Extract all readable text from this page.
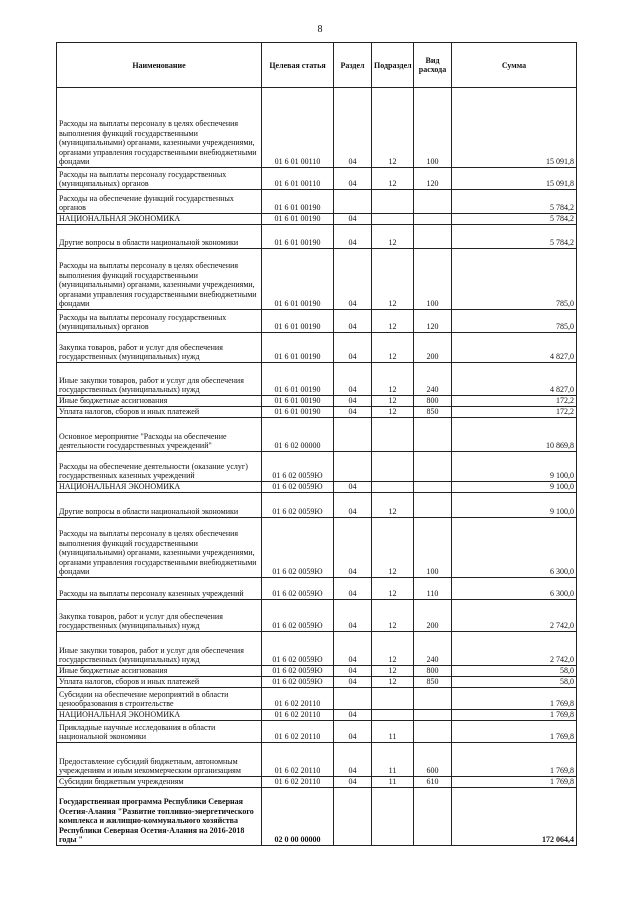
8
Наименование	Целевая статья	Раздел	Подраздел	Вид расхода	Сумма
Расходы на выплаты персоналу в целях обеспечения выполнения функций государственными (муниципальными) органами, казенными учреждениями, органами управления государственными внебюджетными фондами	01 6 01 00110	04	12	100	15 091,8
Расходы на выплаты персоналу государственных (муниципальных) органов	01 6 01 00110	04	12	120	15 091,8
Расходы на обеспечение функций государственных органов	01 6 01 00190				5 784,2
НАЦИОНАЛЬНАЯ ЭКОНОМИКА	01 6 01 00190	04			5 784,2
Другие вопросы в области национальной экономики	01 6 01 00190	04	12		5 784,2
Расходы на выплаты персоналу в целях обеспечения выполнения функций государственными (муниципальными) органами, казенными учреждениями, органами управления государственными внебюджетными фондами	01 6 01 00190	04	12	100	785,0
Расходы на выплаты персоналу государственных (муниципальных) органов	01 6 01 00190	04	12	120	785,0
Закупка товаров, работ и услуг для обеспечения государственных (муниципальных) нужд	01 6 01 00190	04	12	200	4 827,0
Иные закупки товаров, работ и услуг для обеспечения государственных (муниципальных) нужд	01 6 01 00190	04	12	240	4 827,0
Иные бюджетные ассигнования	01 6 01 00190	04	12	800	172,2
Уплата налогов, сборов и иных платежей	01 6 01 00190	04	12	850	172,2
Основное мероприятие "Расходы на обеспечение деятельности государственных учреждений"	01 6 02 00000				10 869,8
Расходы на обеспечение деятельности (оказание услуг) государственных казенных учреждений	01 6 02 0059Ю				9 100,0
НАЦИОНАЛЬНАЯ ЭКОНОМИКА	01 6 02 0059Ю	04			9 100,0
Другие вопросы в области национальной экономики	01 6 02 0059Ю	04	12		9 100,0
Расходы на выплаты персоналу в целях обеспечения выполнения функций государственными (муниципальными) органами, казенными учреждениями, органами управления государственными внебюджетными фондами	01 6 02 0059Ю	04	12	100	6 300,0
Расходы на выплаты персоналу казенных учреждений	01 6 02 0059Ю	04	12	110	6 300,0
Закупка товаров, работ и услуг для обеспечения государственных (муниципальных) нужд	01 6 02 0059Ю	04	12	200	2 742,0
Иные закупки товаров, работ и услуг для обеспечения государственных (муниципальных) нужд	01 6 02 0059Ю	04	12	240	2 742,0
Иные бюджетные ассигнования	01 6 02 0059Ю	04	12	800	58,0
Уплата налогов, сборов и иных платежей	01 6 02 0059Ю	04	12	850	58,0
Субсидии на обеспечение мероприятий в области ценообразования в строительстве	01 6 02 20110				1 769,8
НАЦИОНАЛЬНАЯ ЭКОНОМИКА	01 6 02 20110	04			1 769,8
Прикладные научные исследования в области национальной экономики	01 6 02 20110	04	11		1 769,8
Предоставление субсидий бюджетным, автономным учреждениям и иным некоммерческим организациям	01 6 02 20110	04	11	600	1 769,8
Субсидии бюджетным учреждениям	01 6 02 20110	04	11	610	1 769,8
Государственная программа Республики Северная Осетия-Алания "Развитие топливно-энергетического комплекса и жилищно-коммунального хозяйства Республики Северная Осетия-Алания на 2016-2018 годы "	02 0 00 00000				172 064,4
